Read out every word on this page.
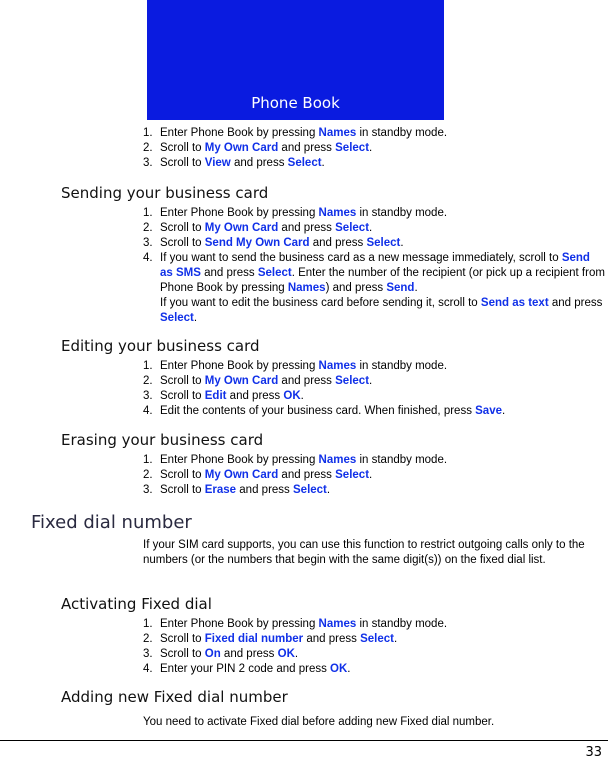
Phone Book
1. Enter Phone Book by pressing Names in standby mode.
2. Scroll to My Own Card and press Select.
3. Scroll to View and press Select.
Sending your business card
1. Enter Phone Book by pressing Names in standby mode.
2. Scroll to My Own Card and press Select.
3. Scroll to Send My Own Card and press Select.
4. If you want to send the business card as a new message immediately, scroll to Send as SMS and press Select. Enter the number of the recipient (or pick up a recipient from Phone Book by pressing Names) and press Send.

If you want to edit the business card before sending it, scroll to Send as text and press Select.

Editing your business card
1. Enter Phone Book by pressing Names in standby mode.
2. Scroll to My Own Card and press Select.
3. Scroll to Edit and press OK.
4. Edit the contents of your business card. When finished, press Save.
Erasing your business card
1. Enter Phone Book by pressing Names in standby mode.
2. Scroll to My Own Card and press Select.
3. Scroll to Erase and press Select.
Fixed dial number

If your SIM card supports, you can use this function to restrict outgoing calls only to the numbers (or the numbers that begin with the same digit(s)) on the fixed dial list.

Activating Fixed dial
1. Enter Phone Book by pressing Names in standby mode.
2. Scroll to Fixed dial number and press Select.
3. Scroll to On and press OK.
4. Enter your PIN 2 code and press OK.
Adding new Fixed dial number

You need to activate Fixed dial before adding new Fixed dial number.

33
